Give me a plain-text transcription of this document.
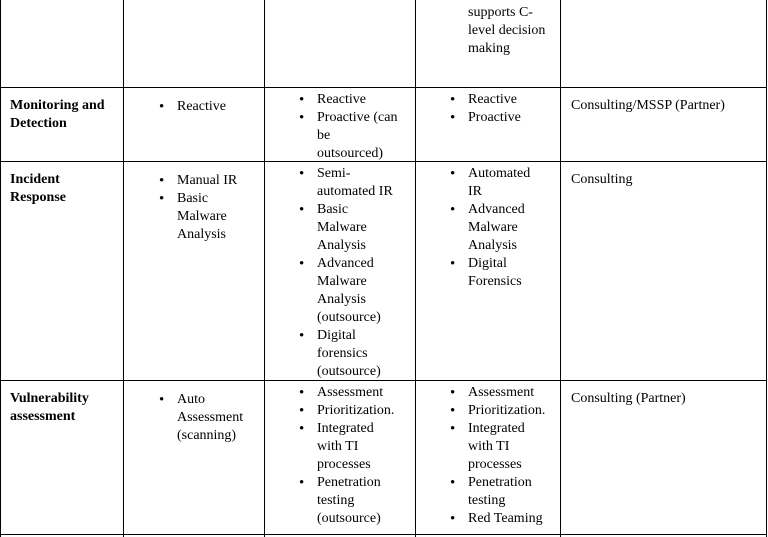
supports C-
level decision
making
Monitoring and
Detection
• Reactive
•	Reactive
• Proactive (can
be
outsourced)
• Reactive
• Proactive
Consulting/MSSP (Partner)
Incident
Response
• Manual IR
• Basic
Malware
Analysis
• Semi-
automated IR
• Basic
Malware
Analysis
• Advanced
Malware
Analysis
(outsource)
• Digital
forensics
(outsource)
• Automated
IR
• Advanced
Malware
Analysis
• Digital
Forensics
Consulting
Vulnerability
assessment
• Auto
Assessment
(scanning)
• Assessment
• Prioritization.
• Integrated
with TI
processes
• Penetration
testing
(outsource)
• Assessment
• Prioritization.
• Integrated
with TI
processes
• Penetration
testing
• Red Teaming
Consulting (Partner)
